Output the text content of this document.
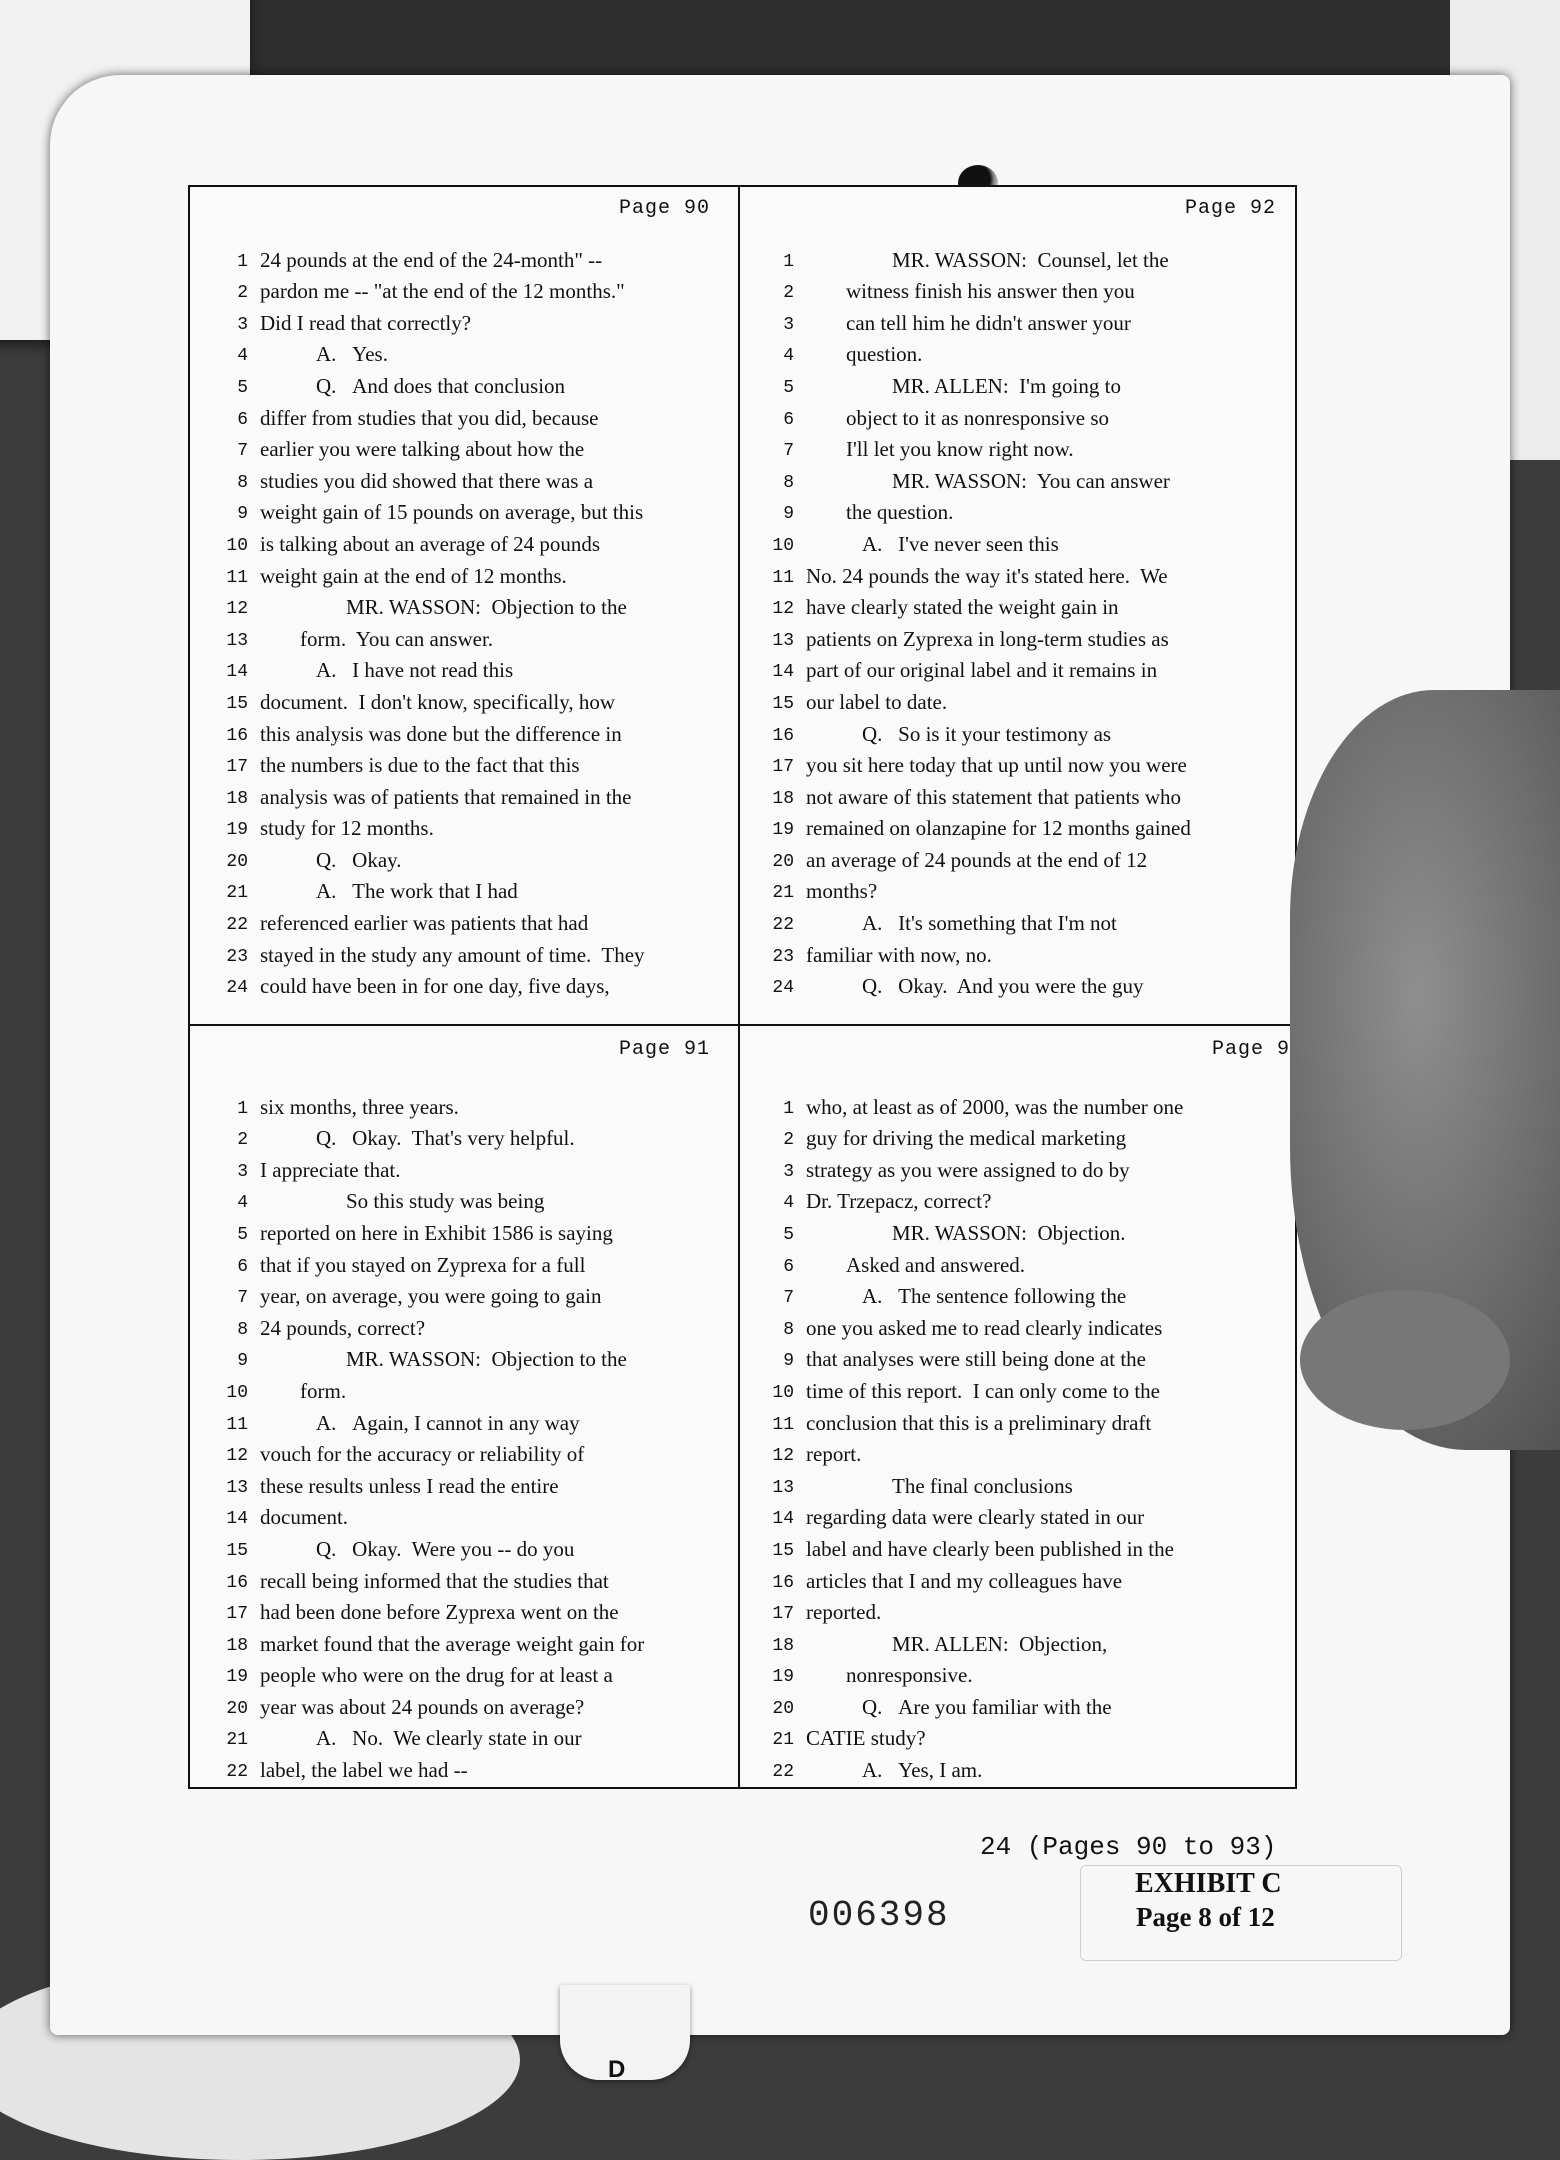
Page 90
1 24 pounds at the end of the 24-month" --
2 pardon me -- "at the end of the 12 months."
3 Did I read that correctly?
4	A.   Yes.
5	Q.   And does that conclusion
6 differ from studies that you did, because
7 earlier you were talking about how the
8 studies you did showed that there was a
9 weight gain of 15 pounds on average, but this
10 is talking about an average of 24 pounds
11 weight gain at the end of 12 months.
12	MR. WASSON:  Objection to the
13 form.  You can answer.
14	A.   I have not read this
15 document.  I don't know, specifically, how
16 this analysis was done but the difference in
17 the numbers is due to the fact that this
18 analysis was of patients that remained in the
19 study for 12 months.
20	Q.   Okay.
21	A.   The work that I had
22 referenced earlier was patients that had
23 stayed in the study any amount of time.  They
24 could have been in for one day, five days,
Page 92
1	MR. WASSON:  Counsel, let the
2 witness finish his answer then you
3 can tell him he didn't answer your
4 question.
5	MR. ALLEN:  I'm going to
6 object to it as nonresponsive so
7 I'll let you know right now.
8	MR. WASSON:  You can answer
9 the question.
10	A.   I've never seen this
11 No. 24 pounds the way it's stated here.  We
12 have clearly stated the weight gain in
13 patients on Zyprexa in long-term studies as
14 part of our original label and it remains in
15 our label to date.
16	Q.   So is it your testimony as
17 you sit here today that up until now you were
18 not aware of this statement that patients who
19 remained on olanzapine for 12 months gained
20 an average of 24 pounds at the end of 12
21 months?
22	A.   It's something that I'm not
23 familiar with now, no.
24	Q.   Okay.  And you were the guy
Page 91
1 six months, three years.
2	Q.   Okay.  That's very helpful.
3 I appreciate that.
4	So this study was being
5 reported on here in Exhibit 1586 is saying
6 that if you stayed on Zyprexa for a full
7 year, on average, you were going to gain
8 24 pounds, correct?
9	MR. WASSON:  Objection to the
10 form.
11	A.   Again, I cannot in any way
12 vouch for the accuracy or reliability of
13 these results unless I read the entire
14 document.
15	Q.   Okay.  Were you -- do you
16 recall being informed that the studies that
17 had been done before Zyprexa went on the
18 market found that the average weight gain for
19 people who were on the drug for at least a
20 year was about 24 pounds on average?
21	A.   No.  We clearly state in our
22 label, the label we had --
Page 9
1 who, at least as of 2000, was the number one
2 guy for driving the medical marketing
3 strategy as you were assigned to do by
4 Dr. Trzepacz, correct?
5	MR. WASSON:  Objection.
6 Asked and answered.
7	A.   The sentence following the
8 one you asked me to read clearly indicates
9 that analyses were still being done at the
10 time of this report.  I can only come to the
11 conclusion that this is a preliminary draft
12 report.
13	The final conclusions
14 regarding data were clearly stated in our
15 label and have clearly been published in the
16 articles that I and my colleagues have
17 reported.
18	MR. ALLEN:  Objection,
19 nonresponsive.
20	Q.   Are you familiar with the
21 CATIE study?
22	A.   Yes, I am.
24 (Pages 90 to 93)
006398
EXHIBIT C
Page 8 of 12
D
